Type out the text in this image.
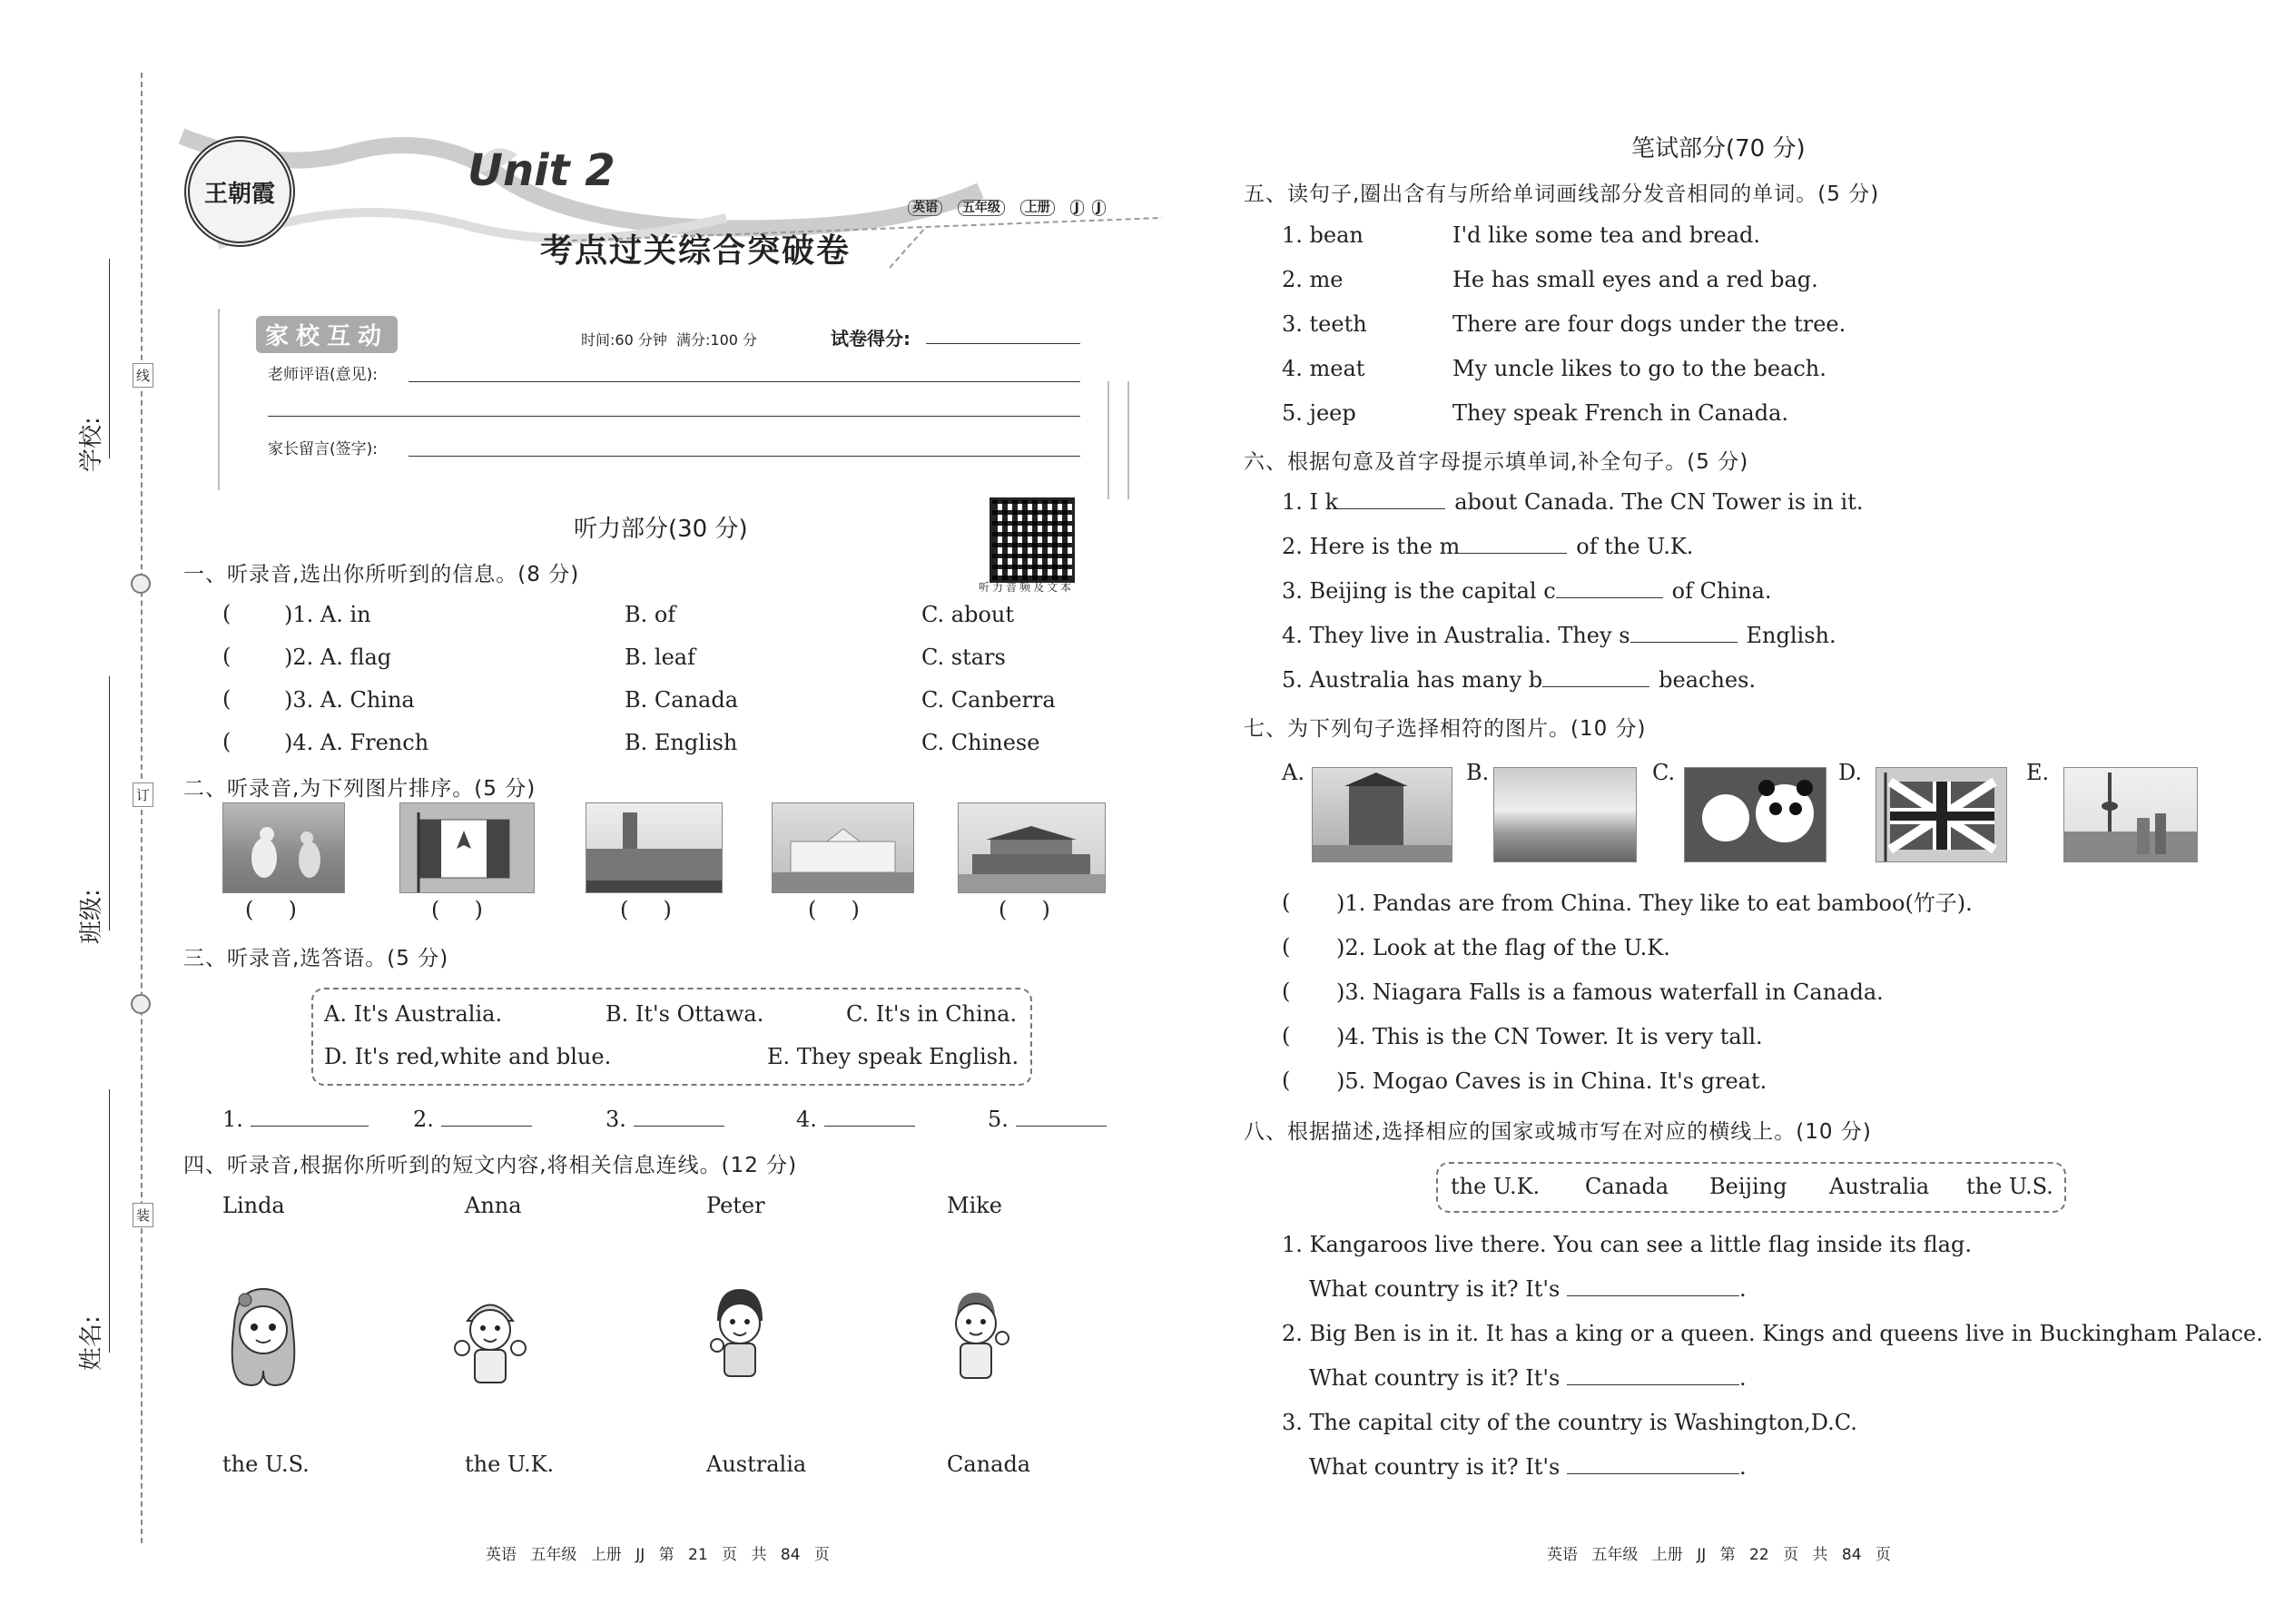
学校:
班级:
姓名:
线
订
装
王朝霞	Unit 2
英语 五年级 上册 J J
考点过关综合突破卷
家校互动	时间:60 分钟  满分:100 分	试卷得分:
老师评语(意见):
家长留言(签字):
听力音频及文本
听力部分(30 分)
一、听录音,选出你所听到的信息。(8 分)
( )1. A. in	B. of	C. about
( )2. A. flag	B. leaf	C. stars
( )3. A. China	B. Canada	C. Canberra
( )4. A. French	B. English	C. Chinese
二、听录音,为下列图片排序。(5 分)
(     )	(     )	(     )	(     )	(     )
三、听录音,选答语。(5 分)
A. It's Australia.	B. It's Ottawa.	C. It's in China.
D. It's red,white and blue.	E. They speak English.
1.	2.	3.	4.	5.
四、听录音,根据你所听到的短文内容,将相关信息连线。(12 分)
Linda	Anna	Peter	Mike
the U.S.	the U.K.	Australia	Canada
英语 五年级 上册 JJ 第 21 页 共 84 页
笔试部分(70 分)
五、读句子,圈出含有与所给单词画线部分发音相同的单词。(5 分)
1. bean	I'd like some tea and bread.
2. me	He has small eyes and a red bag.
3. teeth	There are four dogs under the tree.
4. meat	My uncle likes to go to the beach.
5. jeep	They speak French in Canada.
六、根据句意及首字母提示填单词,补全句子。(5 分)
1. I k	about Canada. The CN Tower is in it.
2. Here is the m	of the U.K.
3. Beijing is the capital c	of China.
4. They live in Australia. They s	English.
5. Australia has many b	beaches.
七、为下列句子选择相符的图片。(10 分)
A.	B.	C.	D.	E.
( )1. Pandas are from China. They like to eat bamboo(竹子).
( )2. Look at the flag of the U.K.
( )3. Niagara Falls is a famous waterfall in Canada.
( )4. This is the CN Tower. It is very tall.
( )5. Mogao Caves is in China. It's great.
八、根据描述,选择相应的国家或城市写在对应的横线上。(10 分)
the U.K. Canada Beijing Australia the U.S.
1. Kangaroos live there. You can see a little flag inside its flag.
What country is it? It's	.
2. Big Ben is in it. It has a king or a queen. Kings and queens live in Buckingham Palace.
What country is it? It's	.
3. The capital city of the country is Washington,D.C.
What country is it? It's	.
英语 五年级 上册 JJ 第 22 页 共 84 页
